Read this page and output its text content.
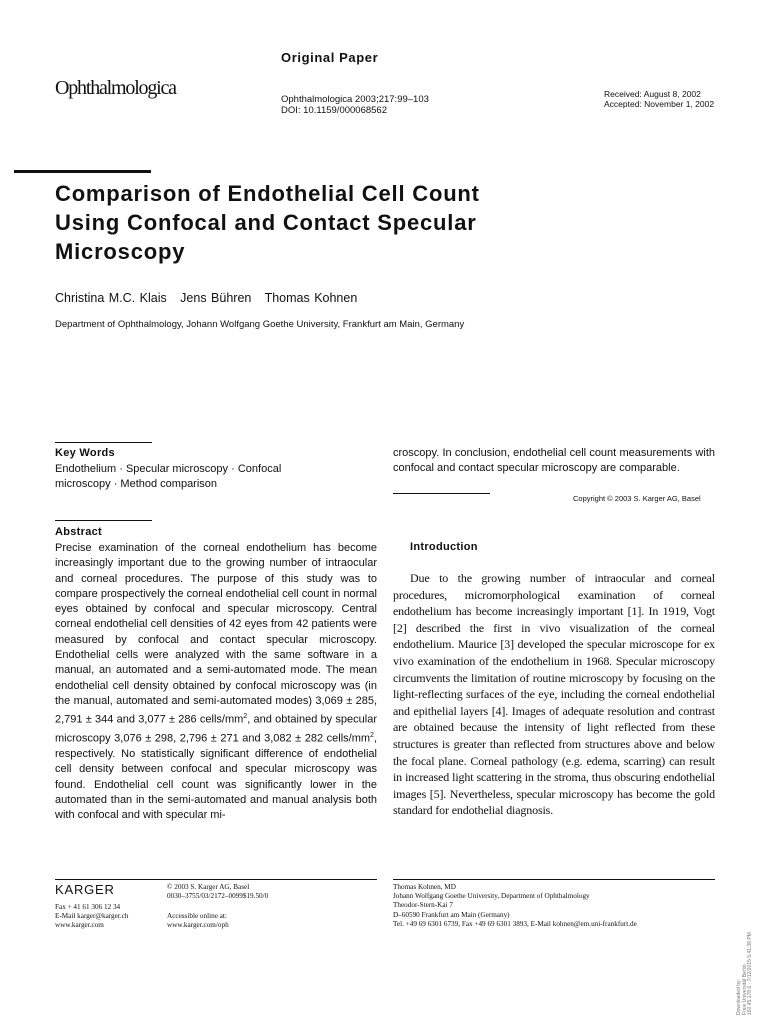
Original Paper
Ophthalmologica
Ophthalmologica 2003;217:99–103
DOI: 10.1159/000068562
Received: August 8, 2002
Accepted: November 1, 2002
Comparison of Endothelial Cell Count
Using Confocal and Contact Specular
Microscopy
Christina M.C. Klais Jens Bühren Thomas Kohnen
Department of Ophthalmology, Johann Wolfgang Goethe University, Frankfurt am Main, Germany
Key Words
Endothelium · Specular microscopy · Confocal microscopy · Method comparison
Abstract
Precise examination of the corneal endothelium has become increasingly important due to the growing number of intraocular and corneal procedures. The purpose of this study was to compare prospectively the corneal endothelial cell count in normal eyes obtained by confocal and specular microscopy. Central corneal endothelial cell densities of 42 eyes from 42 patients were measured by confocal and contact specular microscopy. Endothelial cells were analyzed with the same software in a manual, an automated and a semi-automated mode. The mean endothelial cell density obtained by confocal microscopy was (in the manual, automated and semi-automated modes) 3,069 ± 285, 2,791 ± 344 and 3,077 ± 286 cells/$mm^2$, and obtained by specular microscopy 3,076 ± 298, 2,796 ± 271 and 3,082 ± 282 cells/$mm^2$, respectively. No statistically significant difference of endothelial cell density between confocal and specular microscopy was found. Endothelial cell count was significantly lower in the automated than in the semi-automated and manual analysis both with confocal and with specular mi-
croscopy. In conclusion, endothelial cell count measurements with confocal and contact specular microscopy are comparable.
Copyright © 2003 S. Karger AG, Basel
Introduction
Due to the growing number of intraocular and corneal procedures, micromorphological examination of corneal endothelium has become increasingly important [1]. In 1919, Vogt [2] described the first in vivo visualization of the corneal endothelium. Maurice [3] developed the specular microscope for ex vivo examination of the endothelium in 1968. Specular microscopy circumvents the limitation of routine microscopy by focusing on the light-reflecting surfaces of the eye, including the corneal endothelial and epithelial layers [4]. Images of adequate resolution and contrast are obtained because the intensity of light reflected from these structures is greater than reflected from structures above and below the focal plane. Corneal pathology (e.g. edema, scarring) can result in increased light scattering in the stroma, thus obscuring endothelial images [5]. Nevertheless, specular microscopy has become the gold standard for endothelial diagnosis.
KARGER
Fax + 41 61 306 12 34
E-Mail karger@karger.ch
www.karger.com
© 2003 S. Karger AG, Basel
0030–3755/03/2172–0099$19.50/0
Accessible online at:
www.karger.com/oph
Thomas Kohnen, MD
Johann Wolfgang Goethe University, Department of Ophthalmology
Theodor-Stern-Kai 7
D–60590 Frankfurt am Main (Germany)
Tel. +49 69 6301 6739, Fax +49 69 6301 3893, E-Mail kohnen@em.uni-frankfurt.de
Downloaded by: Freie Universität Berlin 160.45.178.6 - 7/12/2015 5:41:38 PM
